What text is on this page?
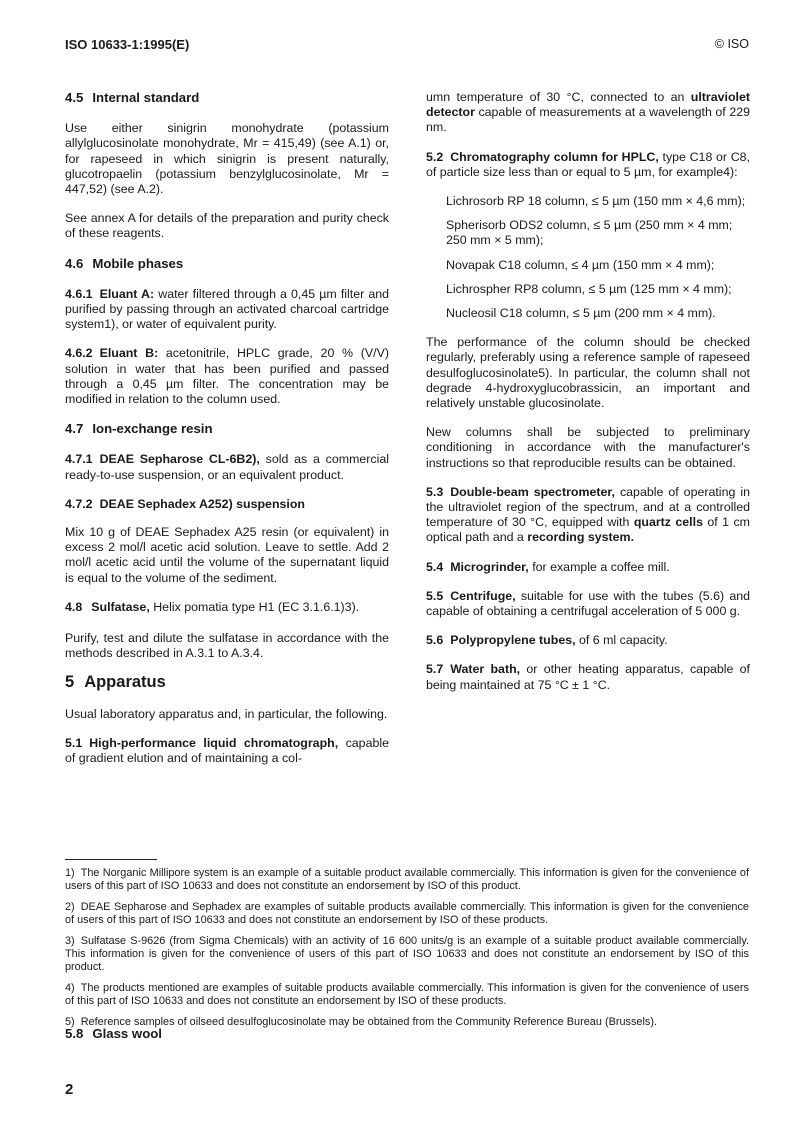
ISO 10633-1:1995(E)	© ISO
4.5 Internal standard

Use either sinigrin monohydrate (potassium allylglucosinolate monohydrate, Mr = 415,49) (see A.1) or, for rapeseed in which sinigrin is present naturally, glucotropaelin (potassium benzylglucosinolate, Mr = 447,52) (see A.2).

See annex A for details of the preparation and purity check of these reagents.

4.6 Mobile phases

4.6.1 Eluant A: water filtered through a 0,45 µm filter and purified by passing through an activated charcoal cartridge system1), or water of equivalent purity.

4.6.2 Eluant B: acetonitrile, HPLC grade, 20 % (V/V) solution in water that has been purified and passed through a 0,45 µm filter. The concentration may be modified in relation to the column used.

4.7 Ion-exchange resin

4.7.1 DEAE Sepharose CL-6B2), sold as a commercial ready-to-use suspension, or an equivalent product.

4.7.2 DEAE Sephadex A252) suspension

Mix 10 g of DEAE Sephadex A25 resin (or equivalent) in excess 2 mol/l acetic acid solution. Leave to settle. Add 2 mol/l acetic acid until the volume of the supernatant liquid is equal to the volume of the sediment.

4.8 Sulfatase, Helix pomatia type H1 (EC 3.1.6.1)3).

Purify, test and dilute the sulfatase in accordance with the methods described in A.3.1 to A.3.4.

5 Apparatus

Usual laboratory apparatus and, in particular, the following.

5.1 High-performance liquid chromatograph, capable of gradient elution and of maintaining a col-

umn temperature of 30 °C, connected to an ultraviolet detector capable of measurements at a wavelength of 229 nm.

5.2 Chromatography column for HPLC, type C18 or C8, of particle size less than or equal to 5 µm, for example4):

Lichrosorb RP 18 column, ≤ 5 µm (150 mm × 4,6 mm);
Spherisorb ODS2 column, ≤ 5 µm (250 mm × 4 mm; 250 mm × 5 mm);
Novapak C18 column, ≤ 4 µm (150 mm × 4 mm);
Lichrospher RP8 column, ≤ 5 µm (125 mm × 4 mm);
Nucleosil C18 column, ≤ 5 µm (200 mm × 4 mm).

The performance of the column should be checked regularly, preferably using a reference sample of rapeseed desulfoglucosinolate5). In particular, the column shall not degrade 4-hydroxyglucobrassicin, an important and relatively unstable glucosinolate.

New columns shall be subjected to preliminary conditioning in accordance with the manufacturer's instructions so that reproducible results can be obtained.

5.3 Double-beam spectrometer, capable of operating in the ultraviolet region of the spectrum, and at a controlled temperature of 30 °C, equipped with quartz cells of 1 cm optical path and a recording system.

5.4 Microgrinder, for example a coffee mill.

5.5 Centrifuge, suitable for use with the tubes (5.6) and capable of obtaining a centrifugal acceleration of 5 000 g.

5.6 Polypropylene tubes, of 6 ml capacity.

5.7 Water bath, or other heating apparatus, capable of being maintained at 75 °C ± 1 °C.

1) The Norganic Millipore system is an example of a suitable product available commercially. This information is given for the convenience of users of this part of ISO 10633 and does not constitute an endorsement by ISO of this product.
2) DEAE Sepharose and Sephadex are examples of suitable products available commercially. This information is given for the convenience of users of this part of ISO 10633 and does not constitute an endorsement by ISO of these products.
3) Sulfatase S-9626 (from Sigma Chemicals) with an activity of 16 600 units/g is an example of a suitable product available commercially. This information is given for the convenience of users of this part of ISO 10633 and does not constitute an endorsement by ISO of this product.
4) The products mentioned are examples of suitable products available commercially. This information is given for the convenience of users of this part of ISO 10633 and does not constitute an endorsement by ISO of these products.
5) Reference samples of oilseed desulfoglucosinolate may be obtained from the Community Reference Bureau (Brussels).
5.8 Glass wool
2
